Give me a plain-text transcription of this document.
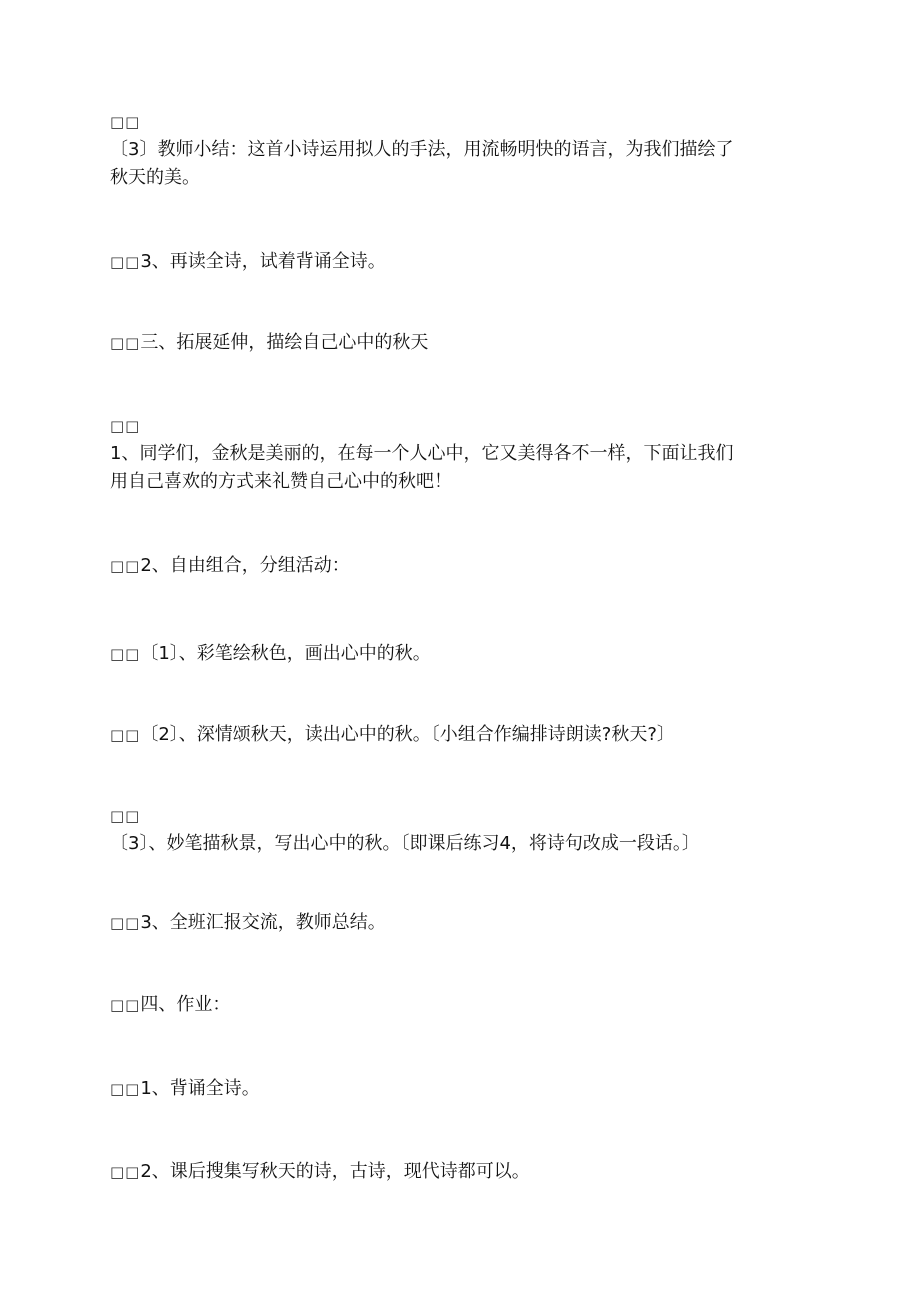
□□
〔3〕教师小结：这首小诗运用拟人的手法，用流畅明快的语言，为我们描绘了
秋天的美。
□□3、再读全诗，试着背诵全诗。
□□三、拓展延伸，描绘自己心中的秋天
□□
1、同学们，金秋是美丽的，在每一个人心中，它又美得各不一样，下面让我们
用自己喜欢的方式来礼赞自己心中的秋吧！
□□2、自由组合，分组活动：
□□〔1〕、彩笔绘秋色，画出心中的秋。
□□〔2〕、深情颂秋天，读出心中的秋。〔小组合作编排诗朗读?秋天?〕
□□
〔3〕、妙笔描秋景，写出心中的秋。〔即课后练习4，将诗句改成一段话。〕
□□3、全班汇报交流，教师总结。
□□四、作业：
□□1、背诵全诗。
□□2、课后搜集写秋天的诗，古诗，现代诗都可以。
